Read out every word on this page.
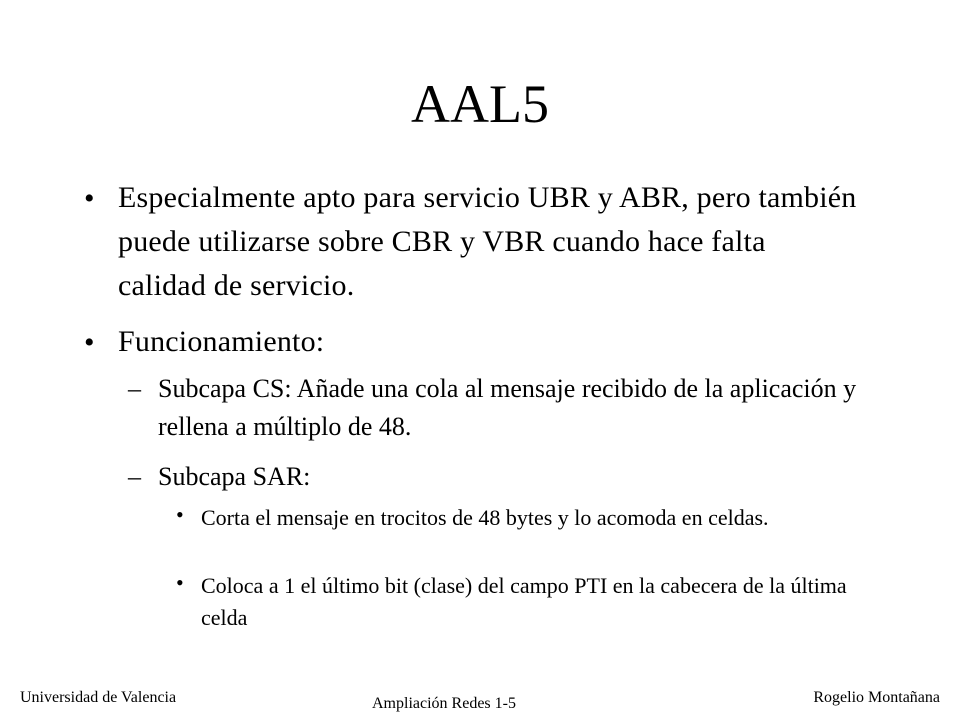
AAL5
• Especialmente apto para servicio UBR y ABR, pero también puede utilizarse sobre CBR y VBR cuando hace falta calidad de servicio.
• Funcionamiento:
– Subcapa CS: Añade una cola al mensaje recibido de la aplicación y rellena a múltiplo de 48.
– Subcapa SAR:
• Corta el mensaje en trocitos de 48 bytes y lo acomoda en celdas.
• Coloca a 1 el último bit (clase) del campo PTI en la cabecera de la última celda
Universidad de Valencia	Ampliación Redes 1-5	Rogelio Montañana
